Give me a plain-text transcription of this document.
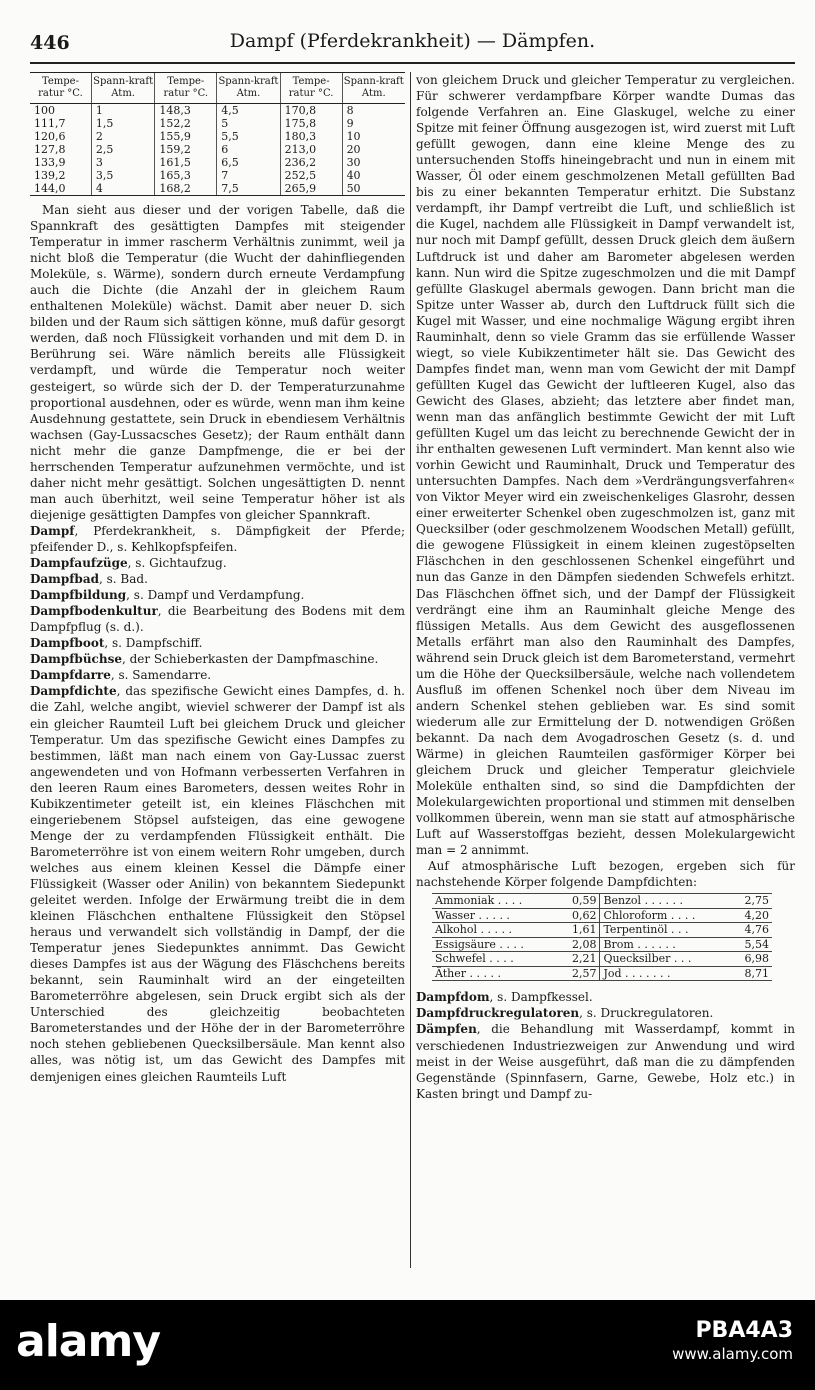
446	Dampf (Pferdekrankheit) — Dämpfen.
Tempe-ratur °C.	Spann-kraft Atm.	Tempe-ratur °C.	Spann-kraft Atm.	Tempe-ratur °C.	Spann-kraft Atm.
100	1	148,3	4,5	170,8	8
111,7	1,5	152,2	5	175,8	9
120,6	2	155,9	5,5	180,3	10
127,8	2,5	159,2	6	213,0	20
133,9	3	161,5	6,5	236,2	30
139,2	3,5	165,3	7	252,5	40
144,0	4	168,2	7,5	265,9	50

Man sieht aus dieser und der vorigen Tabelle, daß die Spannkraft des gesättigten Dampfes mit steigender Temperatur in immer rascherm Verhältnis zunimmt, weil ja nicht bloß die Temperatur (die Wucht der dahinfliegenden Moleküle, s. Wärme), sondern durch erneute Verdampfung auch die Dichte (die Anzahl der in gleichem Raum enthaltenen Moleküle) wächst. Damit aber neuer D. sich bilden und der Raum sich sättigen könne, muß dafür gesorgt werden, daß noch Flüssigkeit vorhanden und mit dem D. in Berührung sei. Wäre nämlich bereits alle Flüssigkeit verdampft, und würde die Temperatur noch weiter gesteigert, so würde sich der D. der Temperaturzunahme proportional ausdehnen, oder es würde, wenn man ihm keine Ausdehnung gestattete, sein Druck in ebendiesem Verhältnis wachsen (Gay-Lussacsches Gesetz); der Raum enthält dann nicht mehr die ganze Dampfmenge, die er bei der herrschenden Temperatur aufzunehmen vermöchte, und ist daher nicht mehr gesättigt. Solchen ungesättigten D. nennt man auch überhitzt, weil seine Temperatur höher ist als diejenige gesättigten Dampfes von gleicher Spannkraft.

Dampf, Pferdekrankheit, s. Dämpfigkeit der Pferde; pfeifender D., s. Kehlkopfspfeifen.

Dampfaufzüge, s. Gichtaufzug.

Dampfbad, s. Bad.

Dampfbildung, s. Dampf und Verdampfung.

Dampfbodenkultur, die Bearbeitung des Bodens mit dem Dampfpflug (s. d.).

Dampfboot, s. Dampfschiff.

Dampfbüchse, der Schieberkasten der Dampfmaschine.

Dampfdarre, s. Samendarre.

Dampfdichte, das spezifische Gewicht eines Dampfes, d. h. die Zahl, welche angibt, wieviel schwerer der Dampf ist als ein gleicher Raumteil Luft bei gleichem Druck und gleicher Temperatur. Um das spezifische Gewicht eines Dampfes zu bestimmen, läßt man nach einem von Gay-Lussac zuerst angewendeten und von Hofmann verbesserten Verfahren in den leeren Raum eines Barometers, dessen weites Rohr in Kubikzentimeter geteilt ist, ein kleines Fläschchen mit eingeriebenem Stöpsel aufsteigen, das eine gewogene Menge der zu verdampfenden Flüssigkeit enthält. Die Barometerröhre ist von einem weitern Rohr umgeben, durch welches aus einem kleinen Kessel die Dämpfe einer Flüssigkeit (Wasser oder Anilin) von bekanntem Siedepunkt geleitet werden. Infolge der Erwärmung treibt die in dem kleinen Fläschchen enthaltene Flüssigkeit den Stöpsel heraus und verwandelt sich vollständig in Dampf, der die Temperatur jenes Siedepunktes annimmt. Das Gewicht dieses Dampfes ist aus der Wägung des Fläschchens bereits bekannt, sein Rauminhalt wird an der eingeteilten Barometerröhre abgelesen, sein Druck ergibt sich als der Unterschied des gleichzeitig beobachteten Barometerstandes und der Höhe der in der Barometerröhre noch stehen gebliebenen Quecksilbersäule. Man kennt also alles, was nötig ist, um das Gewicht des Dampfes mit demjenigen eines gleichen Raumteils Luft

von gleichem Druck und gleicher Temperatur zu vergleichen. Für schwerer verdampfbare Körper wandte Dumas das folgende Verfahren an. Eine Glaskugel, welche zu einer Spitze mit feiner Öffnung ausgezogen ist, wird zuerst mit Luft gefüllt gewogen, dann eine kleine Menge des zu untersuchenden Stoffs hineingebracht und nun in einem mit Wasser, Öl oder einem geschmolzenen Metall gefüllten Bad bis zu einer bekannten Temperatur erhitzt. Die Substanz verdampft, ihr Dampf vertreibt die Luft, und schließlich ist die Kugel, nachdem alle Flüssigkeit in Dampf verwandelt ist, nur noch mit Dampf gefüllt, dessen Druck gleich dem äußern Luftdruck ist und daher am Barometer abgelesen werden kann. Nun wird die Spitze zugeschmolzen und die mit Dampf gefüllte Glaskugel abermals gewogen. Dann bricht man die Spitze unter Wasser ab, durch den Luftdruck füllt sich die Kugel mit Wasser, und eine nochmalige Wägung ergibt ihren Rauminhalt, denn so viele Gramm das sie erfüllende Wasser wiegt, so viele Kubikzentimeter hält sie. Das Gewicht des Dampfes findet man, wenn man vom Gewicht der mit Dampf gefüllten Kugel das Gewicht der luftleeren Kugel, also das Gewicht des Glases, abzieht; das letztere aber findet man, wenn man das anfänglich bestimmte Gewicht der mit Luft gefüllten Kugel um das leicht zu berechnende Gewicht der in ihr enthalten gewesenen Luft vermindert. Man kennt also wie vorhin Gewicht und Rauminhalt, Druck und Temperatur des untersuchten Dampfes. Nach dem »Verdrängungsverfahren« von Viktor Meyer wird ein zweischenkeliges Glasrohr, dessen einer erweiterter Schenkel oben zugeschmolzen ist, ganz mit Quecksilber (oder geschmolzenem Woodschen Metall) gefüllt, die gewogene Flüssigkeit in einem kleinen zugestöpselten Fläschchen in den geschlossenen Schenkel eingeführt und nun das Ganze in den Dämpfen siedenden Schwefels erhitzt. Das Fläschchen öffnet sich, und der Dampf der Flüssigkeit verdrängt eine ihm an Rauminhalt gleiche Menge des flüssigen Metalls. Aus dem Gewicht des ausgeflossenen Metalls erfährt man also den Rauminhalt des Dampfes, während sein Druck gleich ist dem Barometerstand, vermehrt um die Höhe der Quecksilbersäule, welche nach vollendetem Ausfluß im offenen Schenkel noch über dem Niveau im andern Schenkel stehen geblieben war. Es sind somit wiederum alle zur Ermittelung der D. notwendigen Größen bekannt. Da nach dem Avogadroschen Gesetz (s. d. und Wärme) in gleichen Raumteilen gasförmiger Körper bei gleichem Druck und gleicher Temperatur gleichviele Moleküle enthalten sind, so sind die Dampfdichten der Molekulargewichten proportional und stimmen mit denselben vollkommen überein, wenn man sie statt auf atmosphärische Luft auf Wasserstoffgas bezieht, dessen Molekulargewicht man = 2 annimmt.

Auf atmosphärische Luft bezogen, ergeben sich für nachstehende Körper folgende Dampfdichten:

Ammoniak . . . .	0,59	Benzol . . . . . .	2,75
Wasser . . . . .	0,62	Chloroform . . . .	4,20
Alkohol . . . . .	1,61	Terpentinöl . . .	4,76
Essigsäure . . . .	2,08	Brom . . . . . .	5,54
Schwefel . . . .	2,21	Quecksilber . . .	6,98
Äther . . . . .	2,57	Jod . . . . . . .	8,71

Dampfdom, s. Dampfkessel.

Dampfdruckregulatoren, s. Druckregulatoren.

Dämpfen, die Behandlung mit Wasserdampf, kommt in verschiedenen Industriezweigen zur Anwendung und wird meist in der Weise ausgeführt, daß man die zu dämpfenden Gegenstände (Spinnfasern, Garne, Gewebe, Holz etc.) in Kasten bringt und Dampf zu-

alamy	PBA4A3
www.alamy.com
